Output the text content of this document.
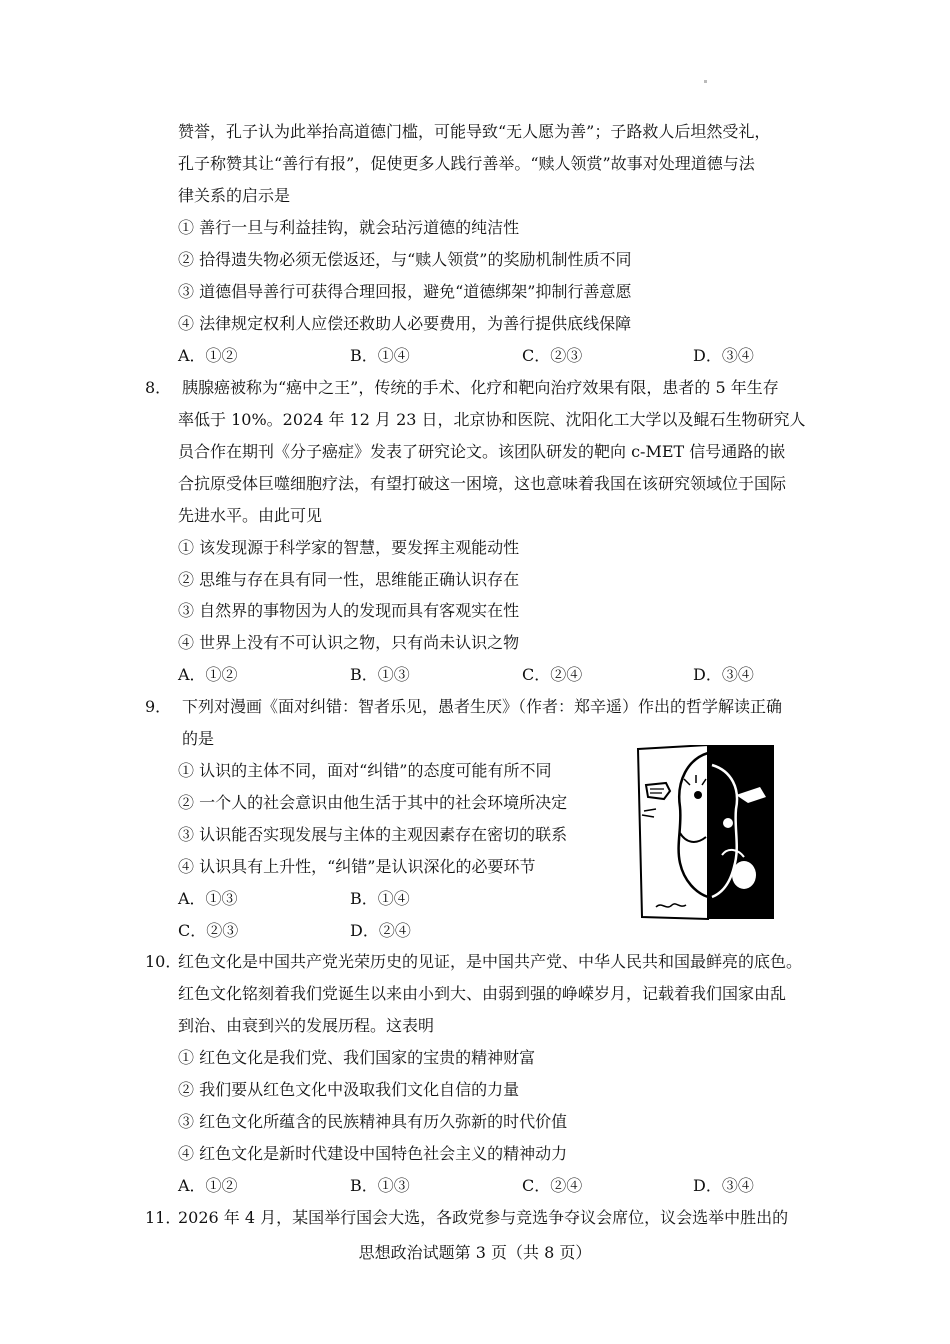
赞誉，孔子认为此举抬高道德门槛，可能导致“无人愿为善”；子路救人后坦然受礼，
孔子称赞其让“善行有报”，促使更多人践行善举。“赎人领赏”故事对处理道德与法
律关系的启示是
① 善行一旦与利益挂钩，就会玷污道德的纯洁性
② 拾得遗失物必须无偿返还，与“赎人领赏”的奖励机制性质不同
③ 道德倡导善行可获得合理回报，避免“道德绑架”抑制行善意愿
④ 法律规定权利人应偿还救助人必要费用，为善行提供底线保障
A．①②	B．①④	C．②③	D．③④
8． 胰腺癌被称为“癌中之王”，传统的手术、化疗和靶向治疗效果有限，患者的 5 年生存
率低于 10%。2024 年 12 月 23 日，北京协和医院、沈阳化工大学以及鲲石生物研究人
员合作在期刊《分子癌症》发表了研究论文。该团队研发的靶向 c-MET 信号通路的嵌
合抗原受体巨噬细胞疗法，有望打破这一困境，这也意味着我国在该研究领域位于国际
先进水平。由此可见
① 该发现源于科学家的智慧，要发挥主观能动性
② 思维与存在具有同一性，思维能正确认识存在
③ 自然界的事物因为人的发现而具有客观实在性
④ 世界上没有不可认识之物，只有尚未认识之物
A．①②	B．①③	C．②④	D．③④
9． 下列对漫画《面对纠错：智者乐见，愚者生厌》（作者：郑辛遥）作出的哲学解读正确
的是
① 认识的主体不同，面对“纠错”的态度可能有所不同
② 一个人的社会意识由他生活于其中的社会环境所决定
③ 认识能否实现发展与主体的主观因素存在密切的联系
④ 认识具有上升性，“纠错”是认识深化的必要环节
A．①③	B．①④
C．②③	D．②④
10．
红色文化是中国共产党光荣历史的见证，是中国共产党、中华人民共和国最鲜亮的底色。
红色文化铭刻着我们党诞生以来由小到大、由弱到强的峥嵘岁月，记载着我们国家由乱
到治、由衰到兴的发展历程。这表明
① 红色文化是我们党、我们国家的宝贵的精神财富
② 我们要从红色文化中汲取我们文化自信的力量
③ 红色文化所蕴含的民族精神具有历久弥新的时代价值
④ 红色文化是新时代建设中国特色社会主义的精神动力
A．①②	B．①③	C．②④	D．③④
11．
2026 年 4 月，某国举行国会大选，各政党参与竞选争夺议会席位，议会选举中胜出的
思想政治试题第 3 页（共 8 页）
